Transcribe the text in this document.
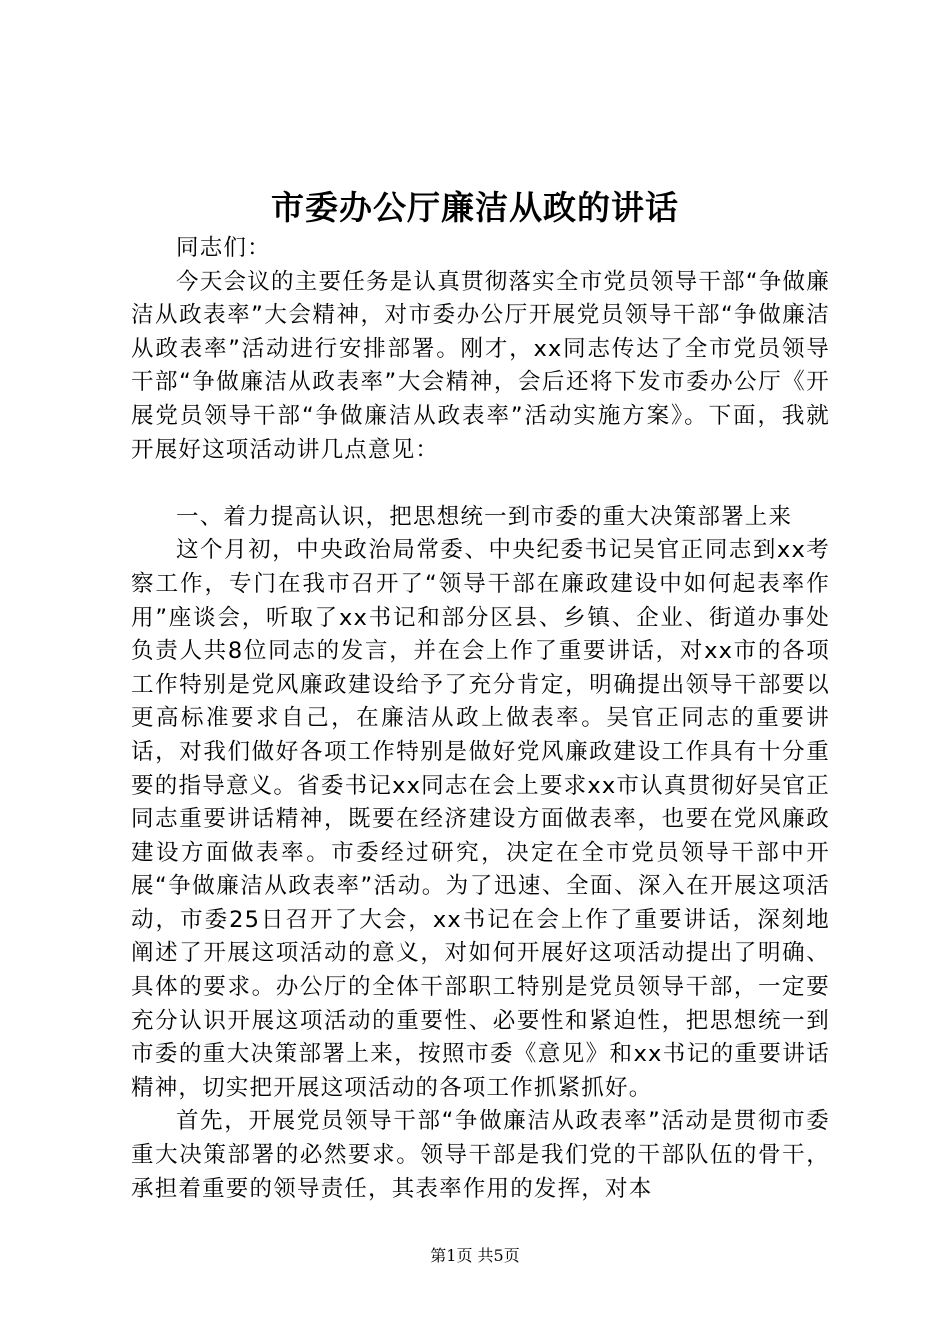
市委办公厅廉洁从政的讲话

同志们：

今天会议的主要任务是认真贯彻落实全市党员领导干部“争做廉洁从政表率”大会精神，对市委办公厅开展党员领导干部“争做廉洁从政表率”活动进行安排部署。刚才，xx同志传达了全市党员领导干部“争做廉洁从政表率”大会精神，会后还将下发市委办公厅《开展党员领导干部“争做廉洁从政表率”活动实施方案》。下面，我就开展好这项活动讲几点意见：

一、着力提高认识，把思想统一到市委的重大决策部署上来

这个月初，中央政治局常委、中央纪委书记吴官正同志到xx考察工作，专门在我市召开了“领导干部在廉政建设中如何起表率作用”座谈会，听取了xx书记和部分区县、乡镇、企业、街道办事处负责人共8位同志的发言，并在会上作了重要讲话，对xx市的各项工作特别是党风廉政建设给予了充分肯定，明确提出领导干部要以更高标准要求自己，在廉洁从政上做表率。吴官正同志的重要讲话，对我们做好各项工作特别是做好党风廉政建设工作具有十分重要的指导意义。省委书记xx同志在会上要求xx市认真贯彻好吴官正同志重要讲话精神，既要在经济建设方面做表率，也要在党风廉政建设方面做表率。市委经过研究，决定在全市党员领导干部中开展“争做廉洁从政表率”活动。为了迅速、全面、深入在开展这项活动，市委25日召开了大会，xx书记在会上作了重要讲话，深刻地阐述了开展这项活动的意义，对如何开展好这项活动提出了明确、具体的要求。办公厅的全体干部职工特别是党员领导干部，一定要充分认识开展这项活动的重要性、必要性和紧迫性，把思想统一到市委的重大决策部署上来，按照市委《意见》和xx书记的重要讲话精神，切实把开展这项活动的各项工作抓紧抓好。

首先，开展党员领导干部“争做廉洁从政表率”活动是贯彻市委重大决策部署的必然要求。领导干部是我们党的干部队伍的骨干，承担着重要的领导责任，其表率作用的发挥，对本

第1页 共5页
